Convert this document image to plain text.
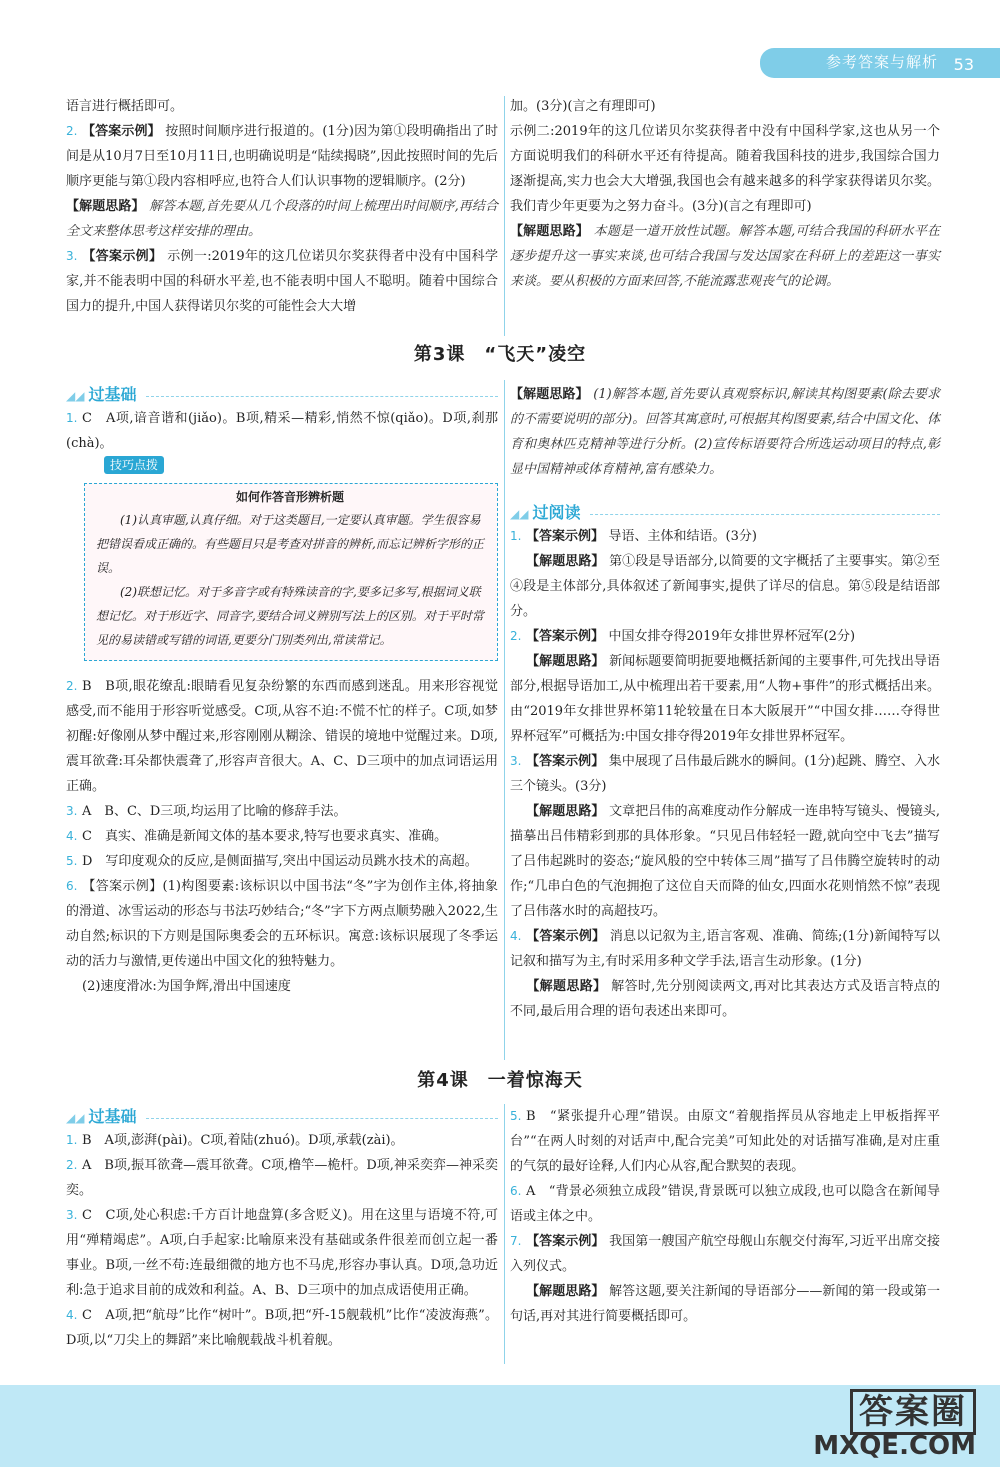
参考答案与解析 53

语言进行概括即可。

2. 【答案示例】 按照时间顺序进行报道的。(1分)因为第①段明确指出了时间是从10月7日至10月11日,也明确说明是“陆续揭晓”,因此按照时间的先后顺序更能与第①段内容相呼应,也符合人们认识事物的逻辑顺序。(2分)

【解题思路】 解答本题,首先要从几个段落的时间上梳理出时间顺序,再结合全文来整体思考这样安排的理由。

3. 【答案示例】 示例一:2019年的这几位诺贝尔奖获得者中没有中国科学家,并不能表明中国的科研水平差,也不能表明中国人不聪明。随着中国综合国力的提升,中国人获得诺贝尔奖的可能性会大大增

加。(3分)(言之有理即可)

示例二:2019年的这几位诺贝尔奖获得者中没有中国科学家,这也从另一个方面说明我们的科研水平还有待提高。随着我国科技的进步,我国综合国力逐渐提高,实力也会大大增强,我国也会有越来越多的科学家获得诺贝尔奖。我们青少年更要为之努力奋斗。(3分)(言之有理即可)

【解题思路】 本题是一道开放性试题。解答本题,可结合我国的科研水平在逐步提升这一事实来谈,也可结合我国与发达国家在科研上的差距这一事实来谈。要从积极的方面来回答,不能流露悲观丧气的论调。

第3课　“飞天”凌空
◢◢ 过基础

1. C　A项,谙音谐和(jiǎo)。B项,精采—精彩,悄然不惊(qiǎo)。D项,刹那(chà)。

技巧点拨
如何作答音形辨析题

(1)认真审题,认真仔细。对于这类题目,一定要认真审题。学生很容易把错误看成正确的。有些题目只是考查对拼音的辨析,而忘记辨析字形的正误。

(2)联想记忆。对于多音字或有特殊读音的字,要多记多写,根据词义联想记忆。对于形近字、同音字,要结合词义辨别写法上的区别。对于平时常见的易读错或写错的词语,更要分门别类列出,常读常记。

2. B　B项,眼花缭乱:眼睛看见复杂纷繁的东西而感到迷乱。用来形容视觉感受,而不能用于形容听觉感受。C项,从容不迫:不慌不忙的样子。C项,如梦初醒:好像刚从梦中醒过来,形容刚刚从糊涂、错误的境地中觉醒过来。D项,震耳欲聋:耳朵都快震聋了,形容声音很大。A、C、D三项中的加点词语运用正确。

3. A　B、C、D三项,均运用了比喻的修辞手法。

4. C　真实、准确是新闻文体的基本要求,特写也要求真实、准确。

5. D　写印度观众的反应,是侧面描写,突出中国运动员跳水技术的高超。

6. 【答案示例】(1)构图要素:该标识以中国书法“冬”字为创作主体,将抽象的滑道、冰雪运动的形态与书法巧妙结合;“冬”字下方两点顺势融入2022,生动自然;标识的下方则是国际奥委会的五环标识。寓意:该标识展现了冬季运动的活力与激情,更传递出中国文化的独特魅力。

(2)速度滑冰:为国争辉,滑出中国速度

【解题思路】 (1)解答本题,首先要认真观察标识,解读其构图要素(除去要求的不需要说明的部分)。回答其寓意时,可根据其构图要素,结合中国文化、体育和奥林匹克精神等进行分析。(2)宣传标语要符合所选运动项目的特点,彰显中国精神或体育精神,富有感染力。

◢◢ 过阅读

1. 【答案示例】 导语、主体和结语。(3分)

【解题思路】 第①段是导语部分,以简要的文字概括了主要事实。第②至④段是主体部分,具体叙述了新闻事实,提供了详尽的信息。第⑤段是结语部分。

2. 【答案示例】 中国女排夺得2019年女排世界杯冠军(2分)

【解题思路】 新闻标题要简明扼要地概括新闻的主要事件,可先找出导语部分,根据导语加工,从中梳理出若干要素,用“人物+事件”的形式概括出来。由“2019年女排世界杯第11轮较量在日本大阪展开”“中国女排……夺得世界杯冠军”可概括为:中国女排夺得2019年女排世界杯冠军。

3. 【答案示例】 集中展现了吕伟最后跳水的瞬间。(1分)起跳、腾空、入水三个镜头。(3分)

【解题思路】 文章把吕伟的高难度动作分解成一连串特写镜头、慢镜头,描摹出吕伟精彩到那的具体形象。“只见吕伟轻轻一蹬,就向空中飞去”描写了吕伟起跳时的姿态;“旋风般的空中转体三周”描写了吕伟腾空旋转时的动作;“几串白色的气泡拥抱了这位自天而降的仙女,四面水花则悄然不惊”表现了吕伟落水时的高超技巧。

4. 【答案示例】 消息以记叙为主,语言客观、准确、简练;(1分)新闻特写以记叙和描写为主,有时采用多种文学手法,语言生动形象。(1分)

【解题思路】 解答时,先分别阅读两文,再对比其表达方式及语言特点的不同,最后用合理的语句表述出来即可。

第4课　一着惊海天
◢◢ 过基础

1. B　A项,澎湃(pài)。C项,着陆(zhuó)。D项,承载(zài)。

2. A　B项,振耳欲聋—震耳欲聋。C项,橹竿—桅杆。D项,神采奕弈—神采奕奕。

3. C　C项,处心积虑:千方百计地盘算(多含贬义)。用在这里与语境不符,可用“殚精竭虑”。A项,白手起家:比喻原来没有基础或条件很差而创立起一番事业。B项,一丝不苟:连最细微的地方也不马虎,形容办事认真。D项,急功近利:急于追求目前的成效和利益。A、B、D三项中的加点成语使用正确。

4. C　A项,把“航母”比作“树叶”。B项,把“歼-15舰载机”比作“凌波海燕”。D项,以“刀尖上的舞蹈”来比喻舰载战斗机着舰。

5. B　“紧张提升心理”错误。由原文“着舰指挥员从容地走上甲板指挥平台”“在两人时刻的对话声中,配合完美”可知此处的对话描写准确,是对庄重的气氛的最好诠释,人们内心从容,配合默契的表现。

6. A　“背景必须独立成段”错误,背景既可以独立成段,也可以隐含在新闻导语或主体之中。

7. 【答案示例】 我国第一艘国产航空母舰山东舰交付海军,习近平出席交接入列仪式。

【解题思路】 解答这题,要关注新闻的导语部分——新闻的第一段或第一句话,再对其进行简要概括即可。

答案圈
MXQE.COM
